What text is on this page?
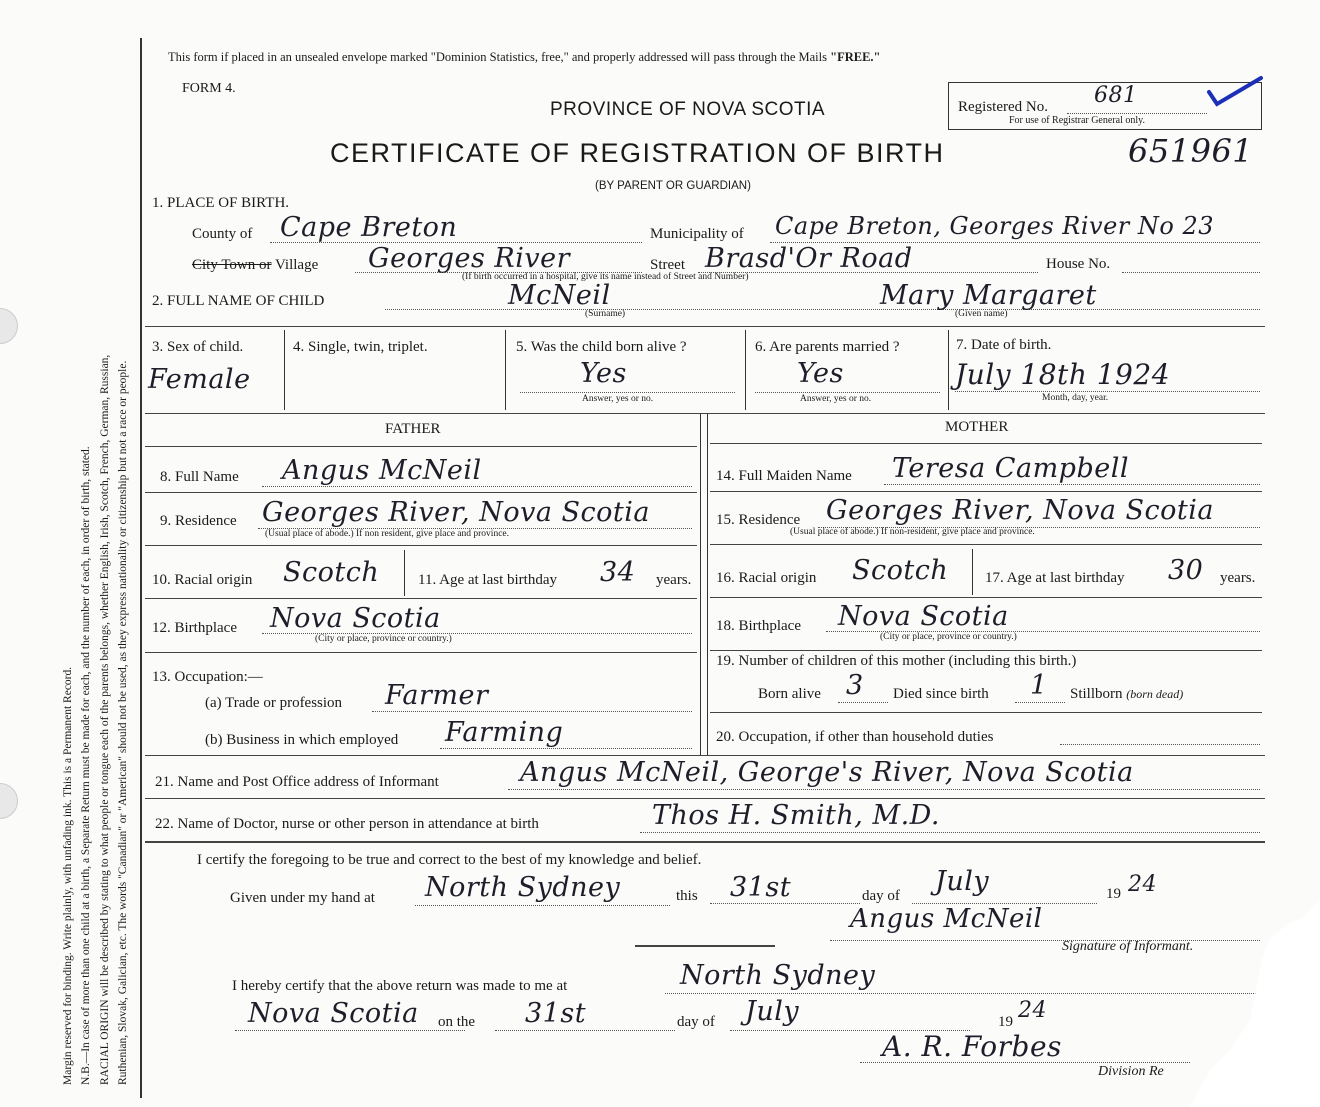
Margin reserved for binding. Write plainly, with unfading ink. This is a Permanent Record. N.B.—In case of more than one child at a birth, a Separate Return must be made for each, and the number of each, in order of birth, stated. RACIAL ORIGIN will be described by stating to what people or tongue each of the parents belongs, whether English, Irish, Scotch, French, German, Russian, Ruthenian, Slovak, Galician, etc. The words "Canadian" or "American" should not be used, as they express nationality or citizenship but not a race or people.
This form if placed in an unsealed envelope marked "Dominion Statistics, free," and properly addressed will pass through the Mails "FREE."
FORM 4.
PROVINCE OF NOVA SCOTIA
CERTIFICATE OF REGISTRATION OF BIRTH
(BY PARENT OR GUARDIAN)
Registered No. 681
For use of Registrar General only.
651961
1. PLACE OF BIRTH.
County of Cape Breton	Municipality of Cape Breton, Georges River No 23
City Town or Village Georges River
(If birth occurred in a hospital, give its name instead of Street and Number)
Street Brasd'Or Road	House No.
2. FULL NAME OF CHILD	McNeil
(Surname)
Mary Margaret
(Given name)
3. Sex of child.
Female
4. Single, twin, triplet.	5. Was the child born alive ?
Yes
Answer, yes or no.
6. Are parents married ?
Yes
Answer, yes or no.
7. Date of birth.
July 18th 1924
Month, day, year.
FATHER	MOTHER
8. Full Name Angus McNeil
9. Residence Georges River, Nova Scotia
(Usual place of abode.) If non resident, give place and province.
10. Racial origin Scotch	11. Age at last birthday 34 years.
12. Birthplace Nova Scotia
(City or place, province or country.)
13. Occupation:—
(a) Trade or profession Farmer
(b) Business in which employed Farming
14. Full Maiden Name Teresa Campbell
15. Residence Georges River, Nova Scotia
(Usual place of abode.) If non-resident, give place and province.
16. Racial origin Scotch 17. Age at last birthday 30 years.
18. Birthplace Nova Scotia
(City or place, province or country.)
19. Number of children of this mother (including this birth.)
Born alive 3 Died since birth 1 Stillborn (born dead)
20. Occupation, if other than household duties
21. Name and Post Office address of Informant	Angus McNeil, George's River, Nova Scotia
22. Name of Doctor, nurse or other person in attendance at birth	Thos H. Smith, M.D.
I certify the foregoing to be true and correct to the best of my knowledge and belief.
Given under my hand at North Sydney	this 31st	day of July	19 24
Angus McNeil
Signature of Informant.
I hereby certify that the above return was made to me at	North Sydney
Nova Scotia on the 31st	day of July	19 24
A. R. Forbes
Division Re
